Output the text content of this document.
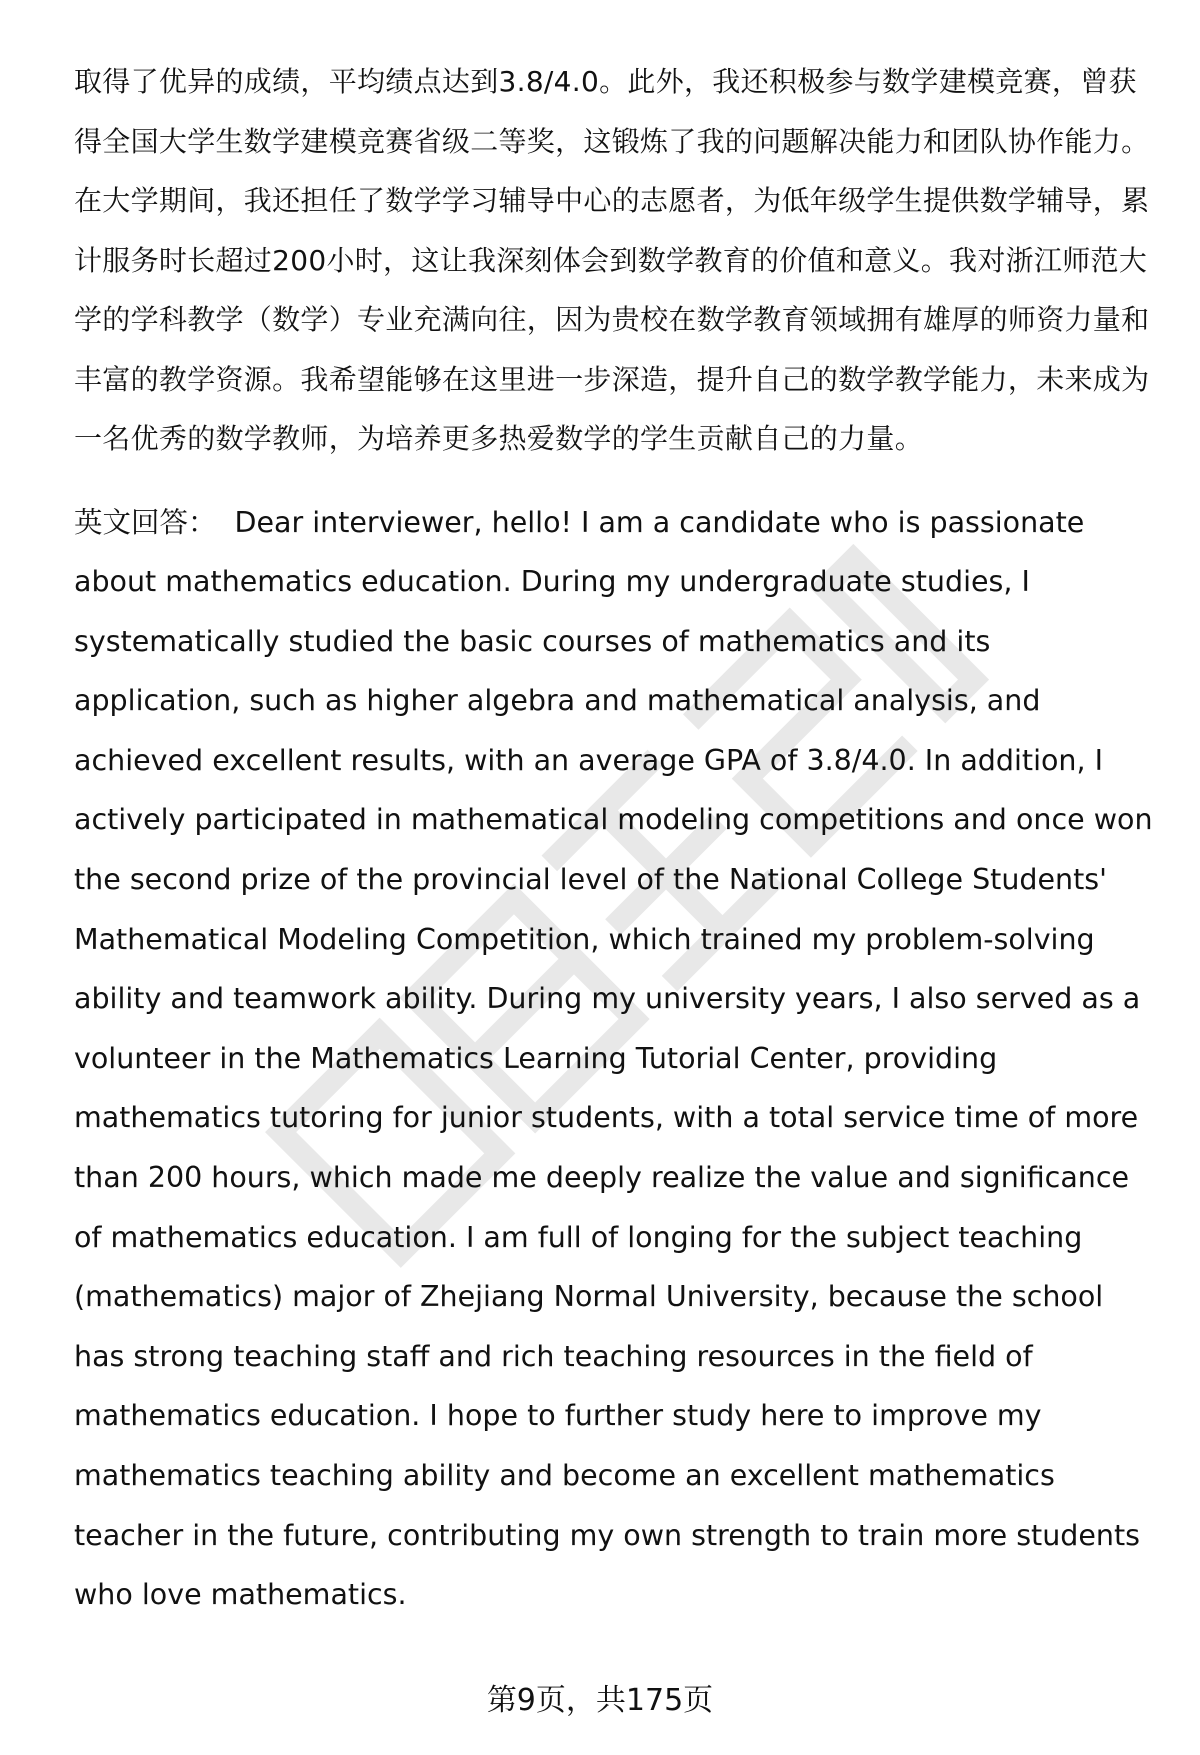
取得了优异的成绩，平均绩点达到3.8/4.0。此外，我还积极参与数学建模竞赛，曾获得全国大学生数学建模竞赛省级二等奖，这锻炼了我的问题解决能力和团队协作能力。在大学期间，我还担任了数学学习辅导中心的志愿者，为低年级学生提供数学辅导，累计服务时长超过200小时，这让我深刻体会到数学教育的价值和意义。我对浙江师范大学的学科教学（数学）专业充满向往，因为贵校在数学教育领域拥有雄厚的师资力量和丰富的教学资源。我希望能够在这里进一步深造，提升自己的数学教学能力，未来成为一名优秀的数学教师，为培养更多热爱数学的学生贡献自己的力量。

英文回答： Dear interviewer, hello! I am a candidate who is passionate about mathematics education. During my undergraduate studies, I systematically studied the basic courses of mathematics and its application, such as higher algebra and mathematical analysis, and achieved excellent results, with an average GPA of 3.8/4.0. In addition, I actively participated in mathematical modeling competitions and once won the second prize of the provincial level of the National College Students' Mathematical Modeling Competition, which trained my problem-solving ability and teamwork ability. During my university years, I also served as a volunteer in the Mathematics Learning Tutorial Center, providing mathematics tutoring for junior students, with a total service time of more than 200 hours, which made me deeply realize the value and significance of mathematics education. I am full of longing for the subject teaching (mathematics) major of Zhejiang Normal University, because the school has strong teaching staff and rich teaching resources in the field of mathematics education. I hope to further study here to improve my mathematics teaching ability and become an excellent mathematics teacher in the future, contributing my own strength to train more students who love mathematics.

第9页，共175页
